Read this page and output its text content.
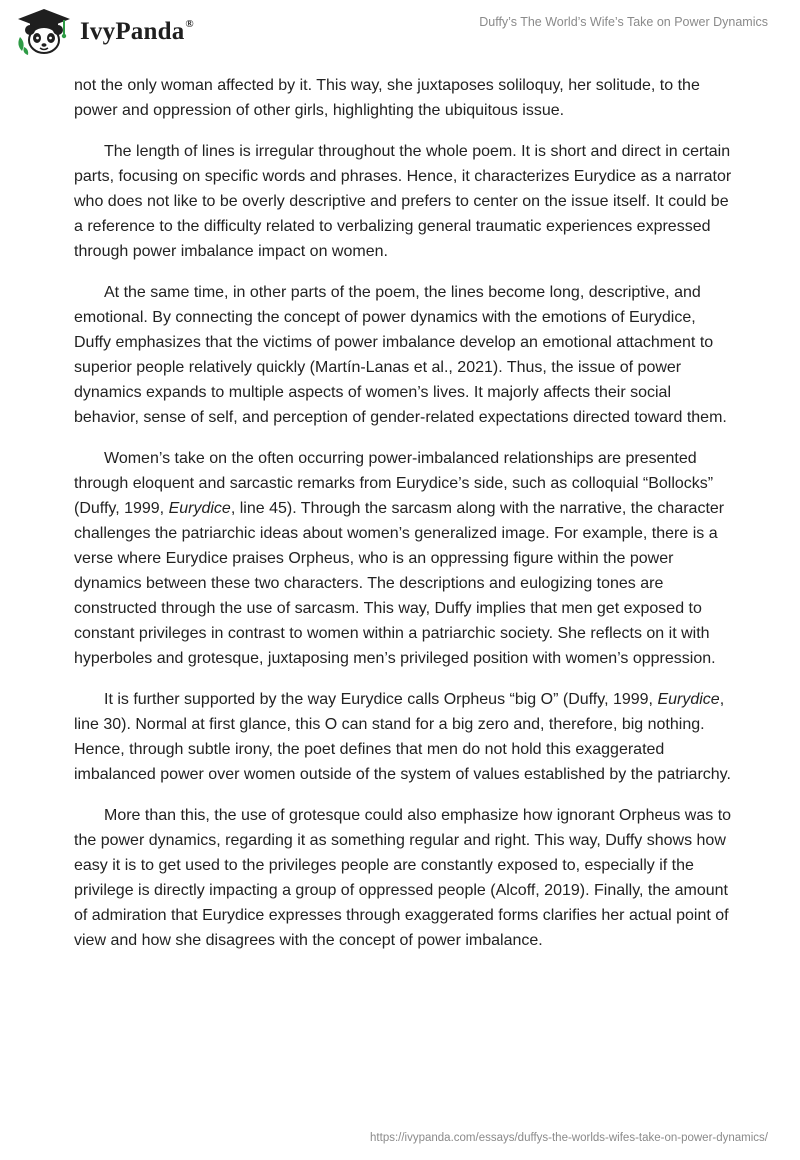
IvyPanda®	Duffy’s The World’s Wife’s Take on Power Dynamics

not the only woman affected by it. This way, she juxtaposes soliloquy, her solitude, to the power and oppression of other girls, highlighting the ubiquitous issue.

The length of lines is irregular throughout the whole poem. It is short and direct in certain parts, focusing on specific words and phrases. Hence, it characterizes Eurydice as a narrator who does not like to be overly descriptive and prefers to center on the issue itself. It could be a reference to the difficulty related to verbalizing general traumatic experiences expressed through power imbalance impact on women.

At the same time, in other parts of the poem, the lines become long, descriptive, and emotional. By connecting the concept of power dynamics with the emotions of Eurydice, Duffy emphasizes that the victims of power imbalance develop an emotional attachment to superior people relatively quickly (Martín-Lanas et al., 2021). Thus, the issue of power dynamics expands to multiple aspects of women’s lives. It majorly affects their social behavior, sense of self, and perception of gender-related expectations directed toward them.

Women’s take on the often occurring power-imbalanced relationships are presented through eloquent and sarcastic remarks from Eurydice’s side, such as colloquial “Bollocks” (Duffy, 1999, Eurydice, line 45). Through the sarcasm along with the narrative, the character challenges the patriarchic ideas about women’s generalized image. For example, there is a verse where Eurydice praises Orpheus, who is an oppressing figure within the power dynamics between these two characters. The descriptions and eulogizing tones are constructed through the use of sarcasm. This way, Duffy implies that men get exposed to constant privileges in contrast to women within a patriarchic society. She reflects on it with hyperboles and grotesque, juxtaposing men’s privileged position with women’s oppression.

It is further supported by the way Eurydice calls Orpheus “big O” (Duffy, 1999, Eurydice, line 30). Normal at first glance, this O can stand for a big zero and, therefore, big nothing. Hence, through subtle irony, the poet defines that men do not hold this exaggerated imbalanced power over women outside of the system of values established by the patriarchy.

More than this, the use of grotesque could also emphasize how ignorant Orpheus was to the power dynamics, regarding it as something regular and right. This way, Duffy shows how easy it is to get used to the privileges people are constantly exposed to, especially if the privilege is directly impacting a group of oppressed people (Alcoff, 2019). Finally, the amount of admiration that Eurydice expresses through exaggerated forms clarifies her actual point of view and how she disagrees with the concept of power imbalance.

https://ivypanda.com/essays/duffys-the-worlds-wifes-take-on-power-dynamics/
